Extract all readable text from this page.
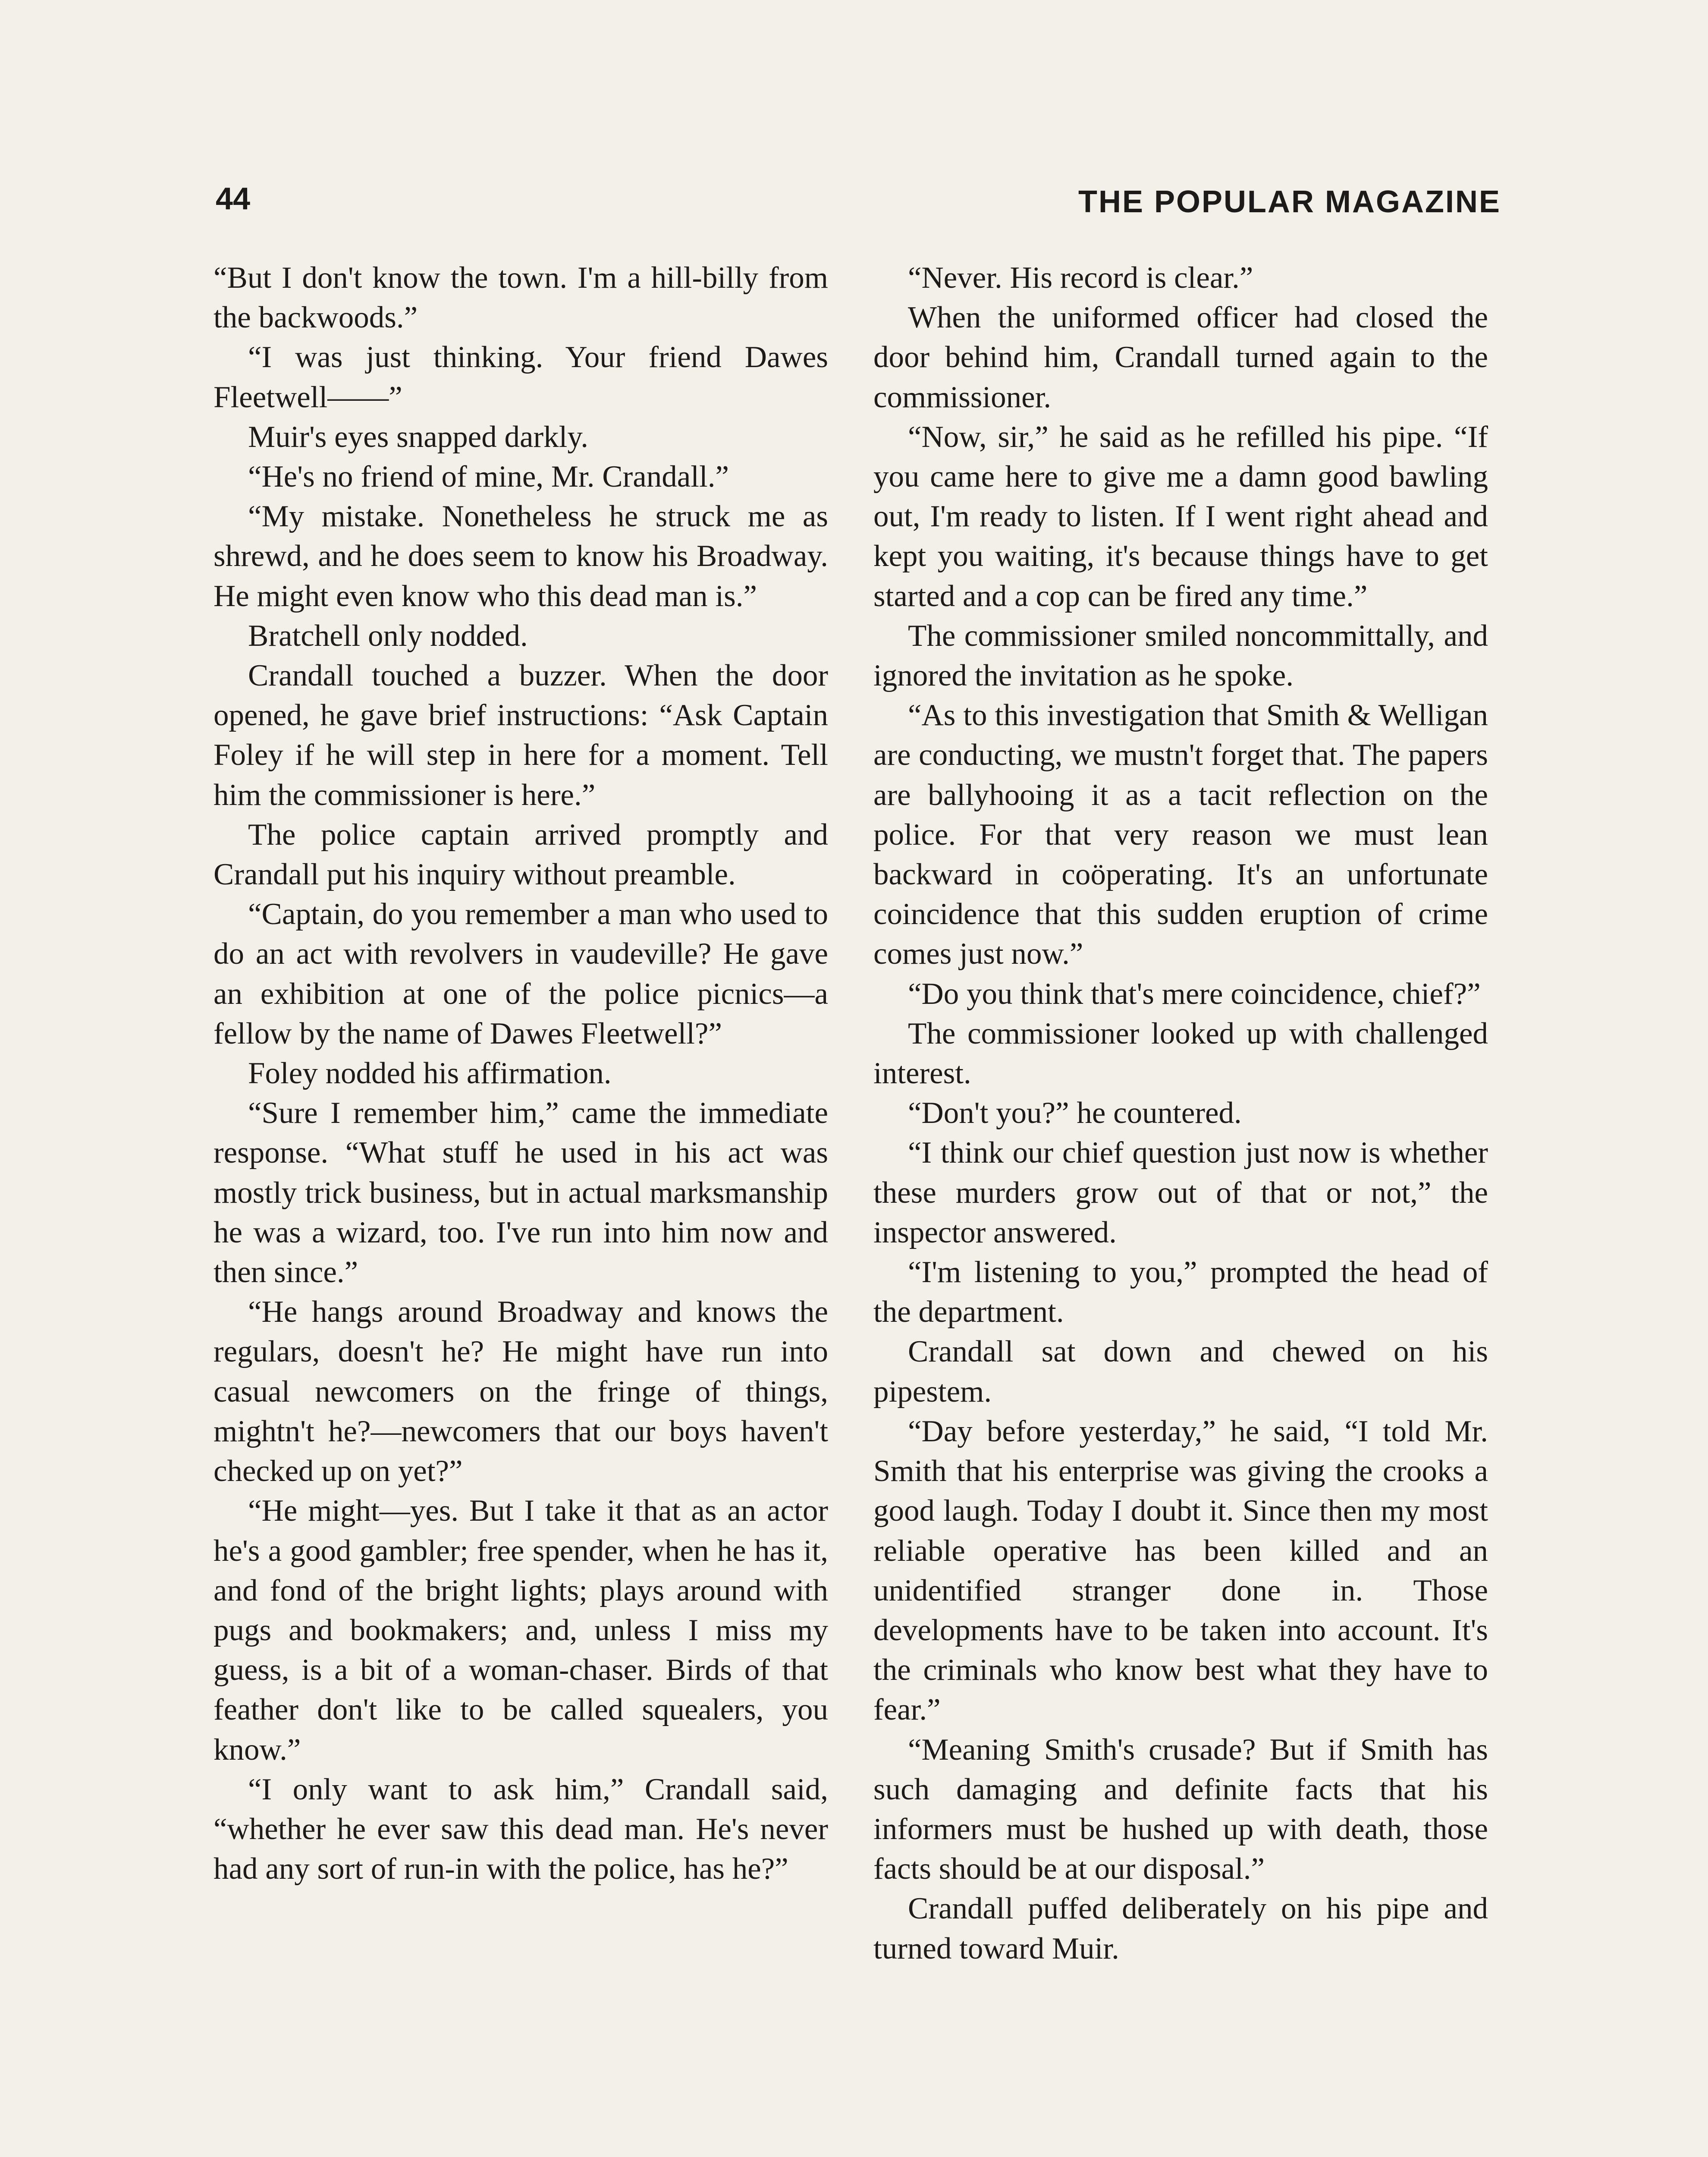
44	THE POPULAR MAGAZINE

“But I don't know the town. I'm a hill-billy from the backwoods.”

“I was just thinking. Your friend Dawes Fleetwell——”

Muir's eyes snapped darkly.

“He's no friend of mine, Mr. Crandall.”

“My mistake. Nonetheless he struck me as shrewd, and he does seem to know his Broadway. He might even know who this dead man is.”

Bratchell only nodded.

Crandall touched a buzzer. When the door opened, he gave brief instructions: “Ask Captain Foley if he will step in here for a moment. Tell him the commissioner is here.”

The police captain arrived promptly and Crandall put his inquiry without preamble.

“Captain, do you remember a man who used to do an act with revolvers in vaudeville? He gave an exhibition at one of the police picnics—a fellow by the name of Dawes Fleetwell?”

Foley nodded his affirmation.

“Sure I remember him,” came the immediate response. “What stuff he used in his act was mostly trick business, but in actual marksmanship he was a wizard, too. I've run into him now and then since.”

“He hangs around Broadway and knows the regulars, doesn't he? He might have run into casual newcomers on the fringe of things, mightn't he?—newcomers that our boys haven't checked up on yet?”

“He might—yes. But I take it that as an actor he's a good gambler; free spender, when he has it, and fond of the bright lights; plays around with pugs and bookmakers; and, unless I miss my guess, is a bit of a woman-chaser. Birds of that feather don't like to be called squealers, you know.”

“I only want to ask him,” Crandall said, “whether he ever saw this dead man. He's never had any sort of run-in with the police, has he?”

“Never. His record is clear.”

When the uniformed officer had closed the door behind him, Crandall turned again to the commissioner.

“Now, sir,” he said as he refilled his pipe. “If you came here to give me a damn good bawling out, I'm ready to listen. If I went right ahead and kept you waiting, it's because things have to get started and a cop can be fired any time.”

The commissioner smiled noncommittally, and ignored the invitation as he spoke.

“As to this investigation that Smith & Welligan are conducting, we mustn't forget that. The papers are ballyhooing it as a tacit reflection on the police. For that very reason we must lean backward in coöperating. It's an unfortunate coincidence that this sudden eruption of crime comes just now.”

“Do you think that's mere coincidence, chief?”

The commissioner looked up with challenged interest.

“Don't you?” he countered.

“I think our chief question just now is whether these murders grow out of that or not,” the inspector answered.

“I'm listening to you,” prompted the head of the department.

Crandall sat down and chewed on his pipestem.

“Day before yesterday,” he said, “I told Mr. Smith that his enterprise was giving the crooks a good laugh. Today I doubt it. Since then my most reliable operative has been killed and an unidentified stranger done in. Those developments have to be taken into account. It's the criminals who know best what they have to fear.”

“Meaning Smith's crusade? But if Smith has such damaging and definite facts that his informers must be hushed up with death, those facts should be at our disposal.”

Crandall puffed deliberately on his pipe and turned toward Muir.
